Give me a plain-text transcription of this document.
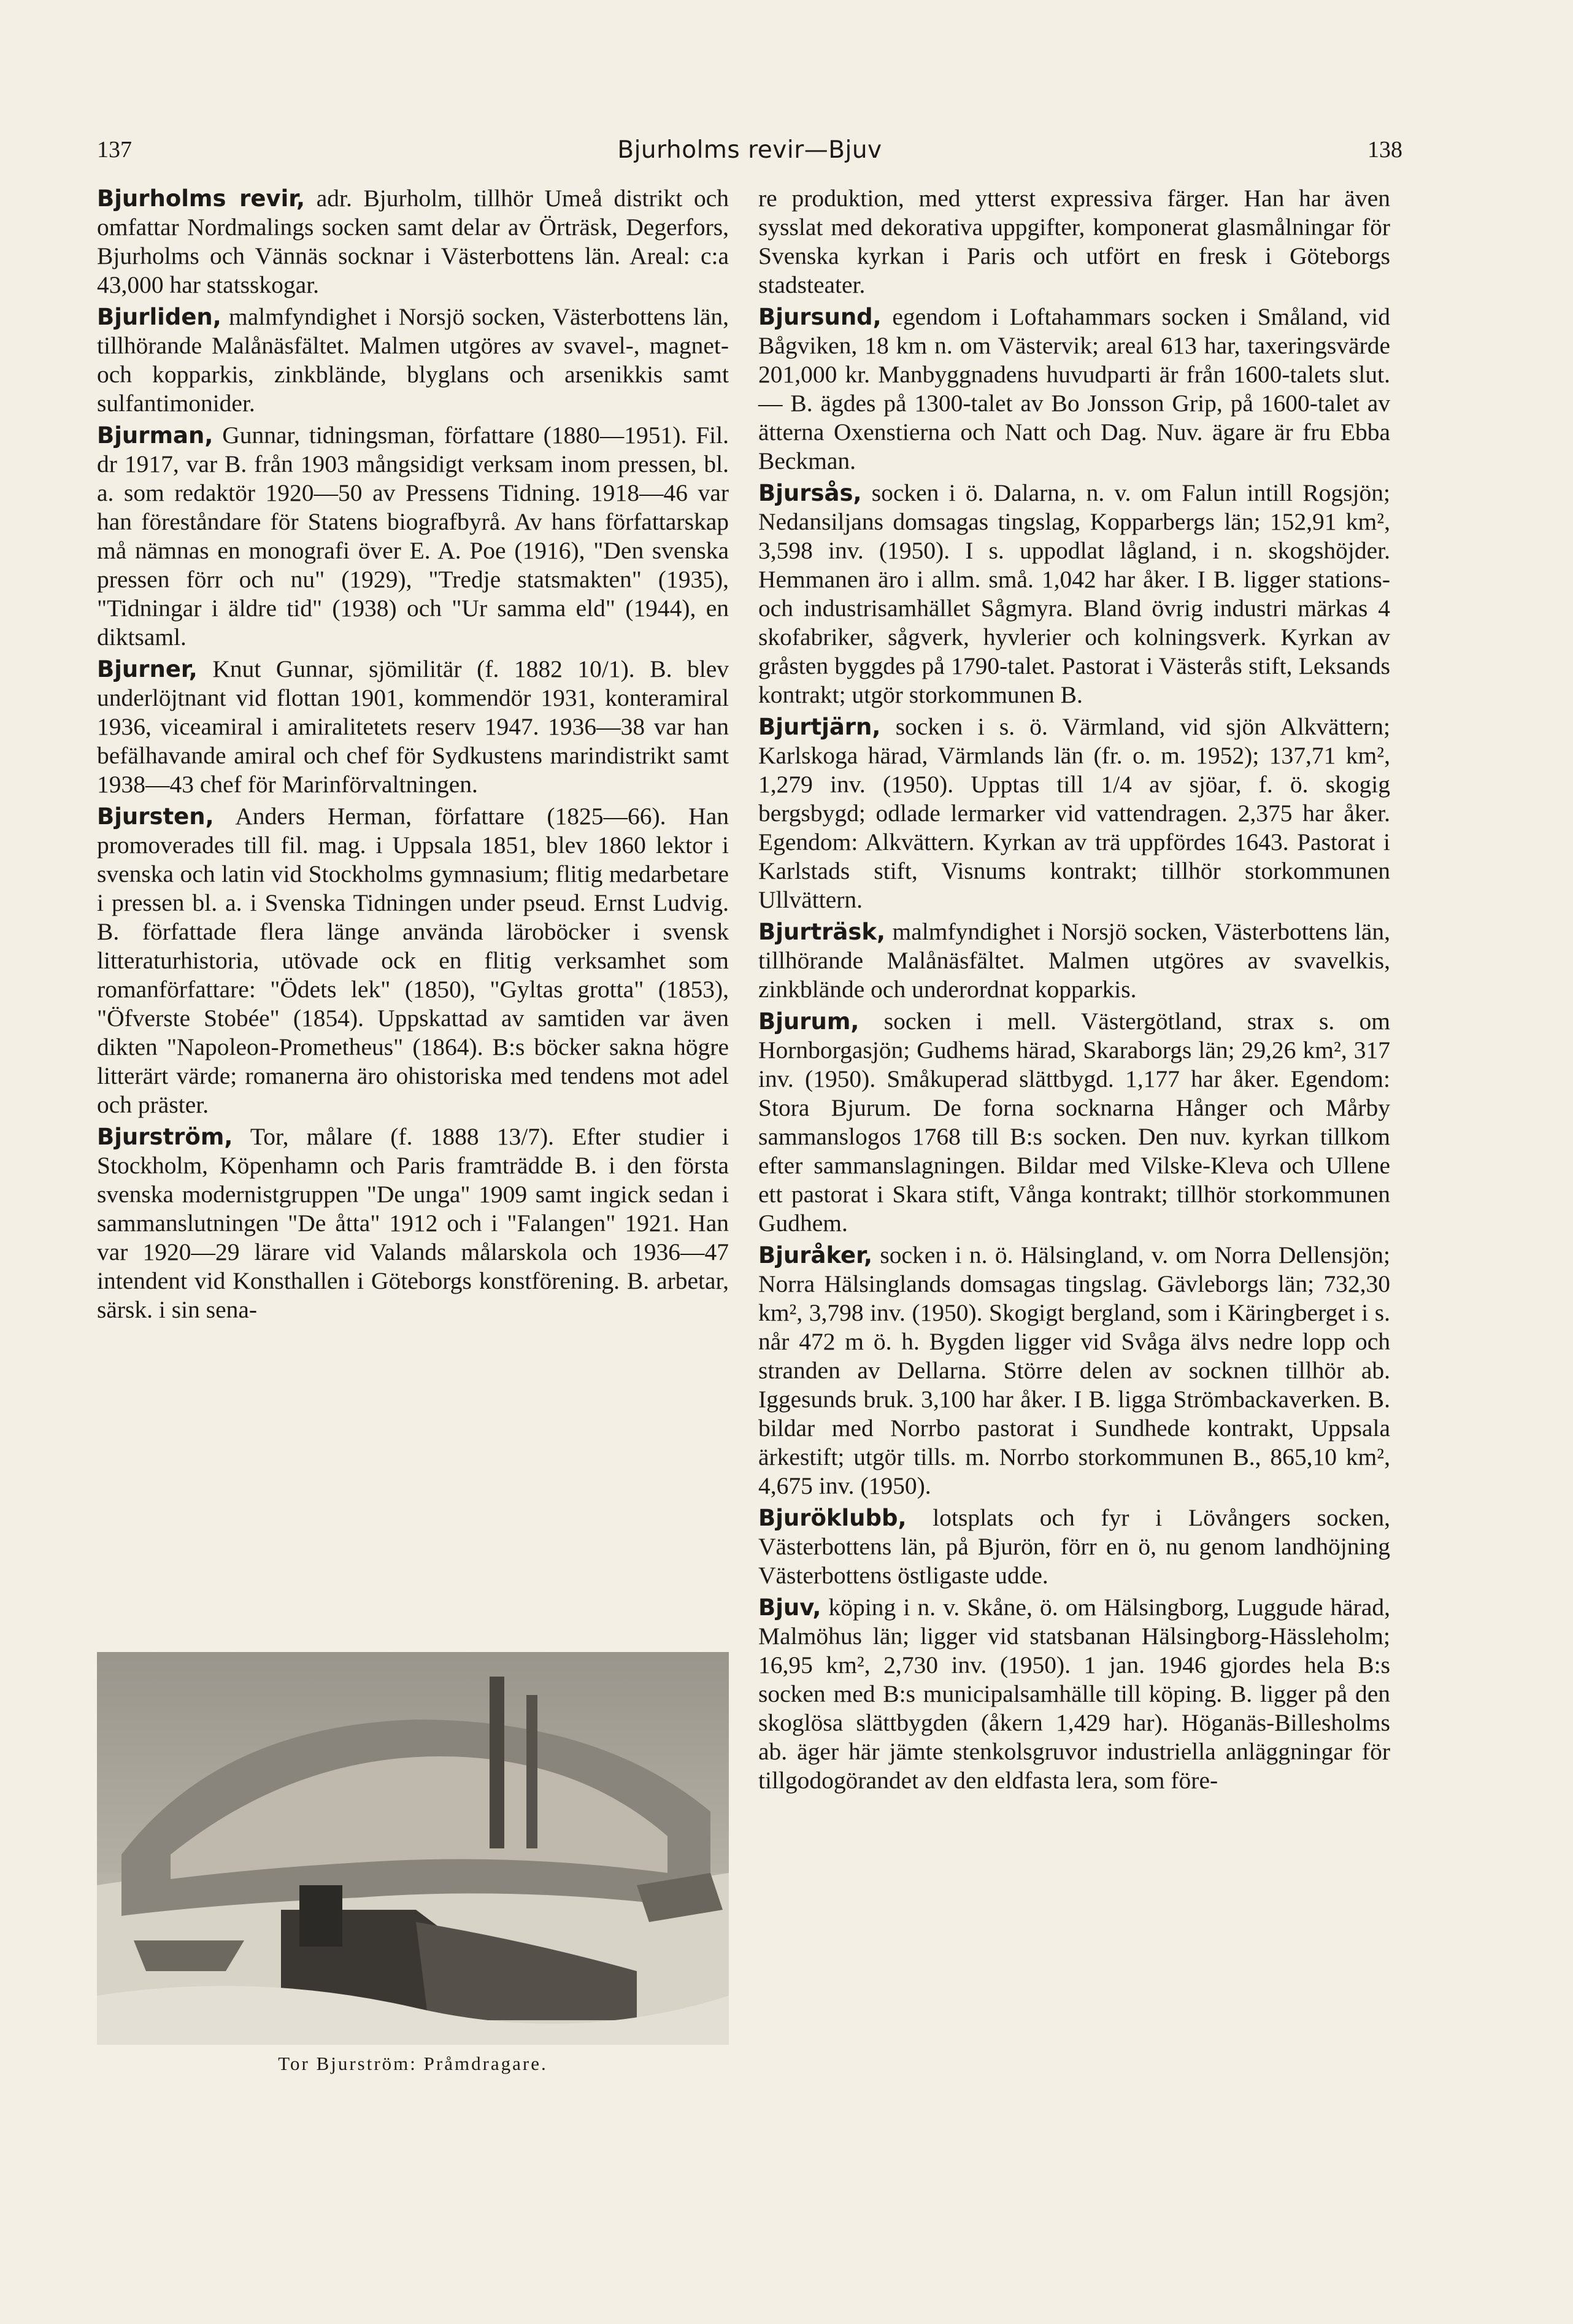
137	Bjurholms revir—Bjuv	138

Bjurholms revir, adr. Bjurholm, tillhör Umeå distrikt och omfattar Nordmalings socken samt delar av Örträsk, Degerfors, Bjurholms och Vännäs socknar i Västerbottens län. Areal: c:a 43,000 har statsskogar.

Bjurliden, malmfyndighet i Norsjö socken, Västerbottens län, tillhörande Malånäsfältet. Malmen utgöres av svavel-, magnet- och kopparkis, zinkblände, blyglans och arsenikkis samt sulfantimonider.

Bjurman, Gunnar, tidningsman, författare (1880—1951). Fil. dr 1917, var B. från 1903 mångsidigt verksam inom pressen, bl. a. som redaktör 1920—50 av Pressens Tidning. 1918—46 var han föreståndare för Statens biografbyrå. Av hans författarskap må nämnas en monografi över E. A. Poe (1916), "Den svenska pressen förr och nu" (1929), "Tredje statsmakten" (1935), "Tidningar i äldre tid" (1938) och "Ur samma eld" (1944), en diktsaml.

Bjurner, Knut Gunnar, sjömilitär (f. 1882 10/1). B. blev underlöjtnant vid flottan 1901, kommendör 1931, konteramiral 1936, viceamiral i amiralitetets reserv 1947. 1936—38 var han befälhavande amiral och chef för Sydkustens marindistrikt samt 1938—43 chef för Marinförvaltningen.

Bjursten, Anders Herman, författare (1825—66). Han promoverades till fil. mag. i Uppsala 1851, blev 1860 lektor i svenska och latin vid Stockholms gymnasium; flitig medarbetare i pressen bl. a. i Svenska Tidningen under pseud. Ernst Ludvig. B. författade flera länge använda läroböcker i svensk litteraturhistoria, utövade ock en flitig verksamhet som romanförfattare: "Ödets lek" (1850), "Gyltas grotta" (1853), "Öfverste Stobée" (1854). Uppskattad av samtiden var även dikten "Napoleon-Prometheus" (1864). B:s böcker sakna högre litterärt värde; romanerna äro ohistoriska med tendens mot adel och präster.

Bjurström, Tor, målare (f. 1888 13/7). Efter studier i Stockholm, Köpenhamn och Paris framträdde B. i den första svenska modernistgruppen "De unga" 1909 samt ingick sedan i sammanslutningen "De åtta" 1912 och i "Falangen" 1921. Han var 1920—29 lärare vid Valands målarskola och 1936—47 intendent vid Konsthallen i Göteborgs konstförening. B. arbetar, särsk. i sin sena-

Tor Bjurström: Pråmdragare.

re produktion, med ytterst expressiva färger. Han har även sysslat med dekorativa uppgifter, komponerat glasmålningar för Svenska kyrkan i Paris och utfört en fresk i Göteborgs stadsteater.

Bjursund, egendom i Loftahammars socken i Småland, vid Bågviken, 18 km n. om Västervik; areal 613 har, taxeringsvärde 201,000 kr. Manbyggnadens huvudparti är från 1600-talets slut. — B. ägdes på 1300-talet av Bo Jonsson Grip, på 1600-talet av ätterna Oxenstierna och Natt och Dag. Nuv. ägare är fru Ebba Beckman.

Bjursås, socken i ö. Dalarna, n. v. om Falun intill Rogsjön; Nedansiljans domsagas tingslag, Kopparbergs län; 152,91 km², 3,598 inv. (1950). I s. uppodlat lågland, i n. skogshöjder. Hemmanen äro i allm. små. 1,042 har åker. I B. ligger stations- och industrisamhället Sågmyra. Bland övrig industri märkas 4 skofabriker, sågverk, hyvlerier och kolningsverk. Kyrkan av gråsten byggdes på 1790-talet. Pastorat i Västerås stift, Leksands kontrakt; utgör storkommunen B.

Bjurtjärn, socken i s. ö. Värmland, vid sjön Alkvättern; Karlskoga härad, Värmlands län (fr. o. m. 1952); 137,71 km², 1,279 inv. (1950). Upptas till 1/4 av sjöar, f. ö. skogig bergsbygd; odlade lermarker vid vattendragen. 2,375 har åker. Egendom: Alkvättern. Kyrkan av trä uppfördes 1643. Pastorat i Karlstads stift, Visnums kontrakt; tillhör storkommunen Ullvättern.

Bjurträsk, malmfyndighet i Norsjö socken, Västerbottens län, tillhörande Malånäsfältet. Malmen utgöres av svavelkis, zinkblände och underordnat kopparkis.

Bjurum, socken i mell. Västergötland, strax s. om Hornborgasjön; Gudhems härad, Skaraborgs län; 29,26 km², 317 inv. (1950). Småkuperad slättbygd. 1,177 har åker. Egendom: Stora Bjurum. De forna socknarna Hånger och Mårby sammanslogos 1768 till B:s socken. Den nuv. kyrkan tillkom efter sammanslagningen. Bildar med Vilske-Kleva och Ullene ett pastorat i Skara stift, Vånga kontrakt; tillhör storkommunen Gudhem.

Bjuråker, socken i n. ö. Hälsingland, v. om Norra Dellensjön; Norra Hälsinglands domsagas tingslag. Gävleborgs län; 732,30 km², 3,798 inv. (1950). Skogigt bergland, som i Käringberget i s. når 472 m ö. h. Bygden ligger vid Svåga älvs nedre lopp och stranden av Dellarna. Större delen av socknen tillhör ab. Iggesunds bruk. 3,100 har åker. I B. ligga Strömbackaverken. B. bildar med Norrbo pastorat i Sundhede kontrakt, Uppsala ärkestift; utgör tills. m. Norrbo storkommunen B., 865,10 km², 4,675 inv. (1950).

Bjuröklubb, lotsplats och fyr i Lövångers socken, Västerbottens län, på Bjurön, förr en ö, nu genom landhöjning Västerbottens östligaste udde.

Bjuv, köping i n. v. Skåne, ö. om Hälsingborg, Luggude härad, Malmöhus län; ligger vid statsbanan Hälsingborg-Hässleholm; 16,95 km², 2,730 inv. (1950). 1 jan. 1946 gjordes hela B:s socken med B:s municipalsamhälle till köping. B. ligger på den skoglösa slättbygden (åkern 1,429 har). Höganäs-Billesholms ab. äger här jämte stenkolsgruvor industriella anläggningar för tillgodogörandet av den eldfasta lera, som före-
